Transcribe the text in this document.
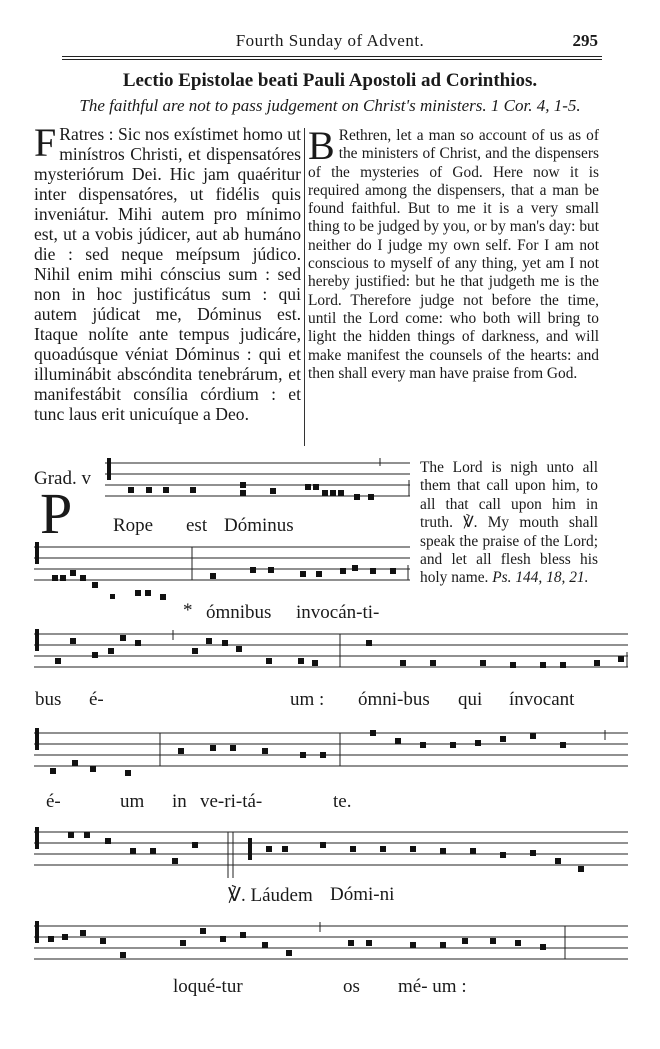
Fourth Sunday of Advent.	295
Lectio Epistolae beati Pauli Apostoli ad Corinthios.
The faithful are not to pass judgement on Christ's ministers. 1 Cor. 4, 1-5.
F Ratres : Sic nos exístimet homo ut minístros Christi, et dispensatóres mysteriórum Dei. Hic jam quaéritur inter dispensatóres, ut fidélis quis inveniátur. Mihi autem pro mínimo est, ut a vobis júdicer, aut ab humáno die : sed neque meípsum júdico. Nihil enim mihi cónscius sum : sed non in hoc justificátus sum : qui autem júdicat me, Dóminus est. Itaque nolíte ante tempus judicáre, quoadúsque véniat Dóminus : qui et illuminábit abscóndita tenebrárum, et manifestábit consília córdium : et tunc laus erit unicuíque a Deo.
B Rethren, let a man so account of us as of the ministers of Christ, and the dispensers of the mysteries of God. Here now it is required among the dispensers, that a man be found faithful. But to me it is a very small thing to be judged by you, or by man's day: but neither do I judge my own self. For I am not conscious to myself of any thing, yet am I not hereby justified: but he that judgeth me is the Lord. Therefore judge not before the time, until the Lord come: who both will bring to light the hidden things of darkness, and will make manifest the counsels of the hearts: and then shall every man have praise from God.
The Lord is nigh unto all them that call upon him, to all that call upon him in truth. ℣. My mouth shall speak the praise of the Lord; and let all flesh bless his holy name. Ps. 144, 18, 21.
Grad. v
P Rope est Dóminus
* ómnibus invocán-ti-
bus é-	um : ómni-bus qui ínvocant
é-	um in ve-ri-tá-	te.
℣. Láudem Dómi-ni
loqué-tur	os mé- um :
